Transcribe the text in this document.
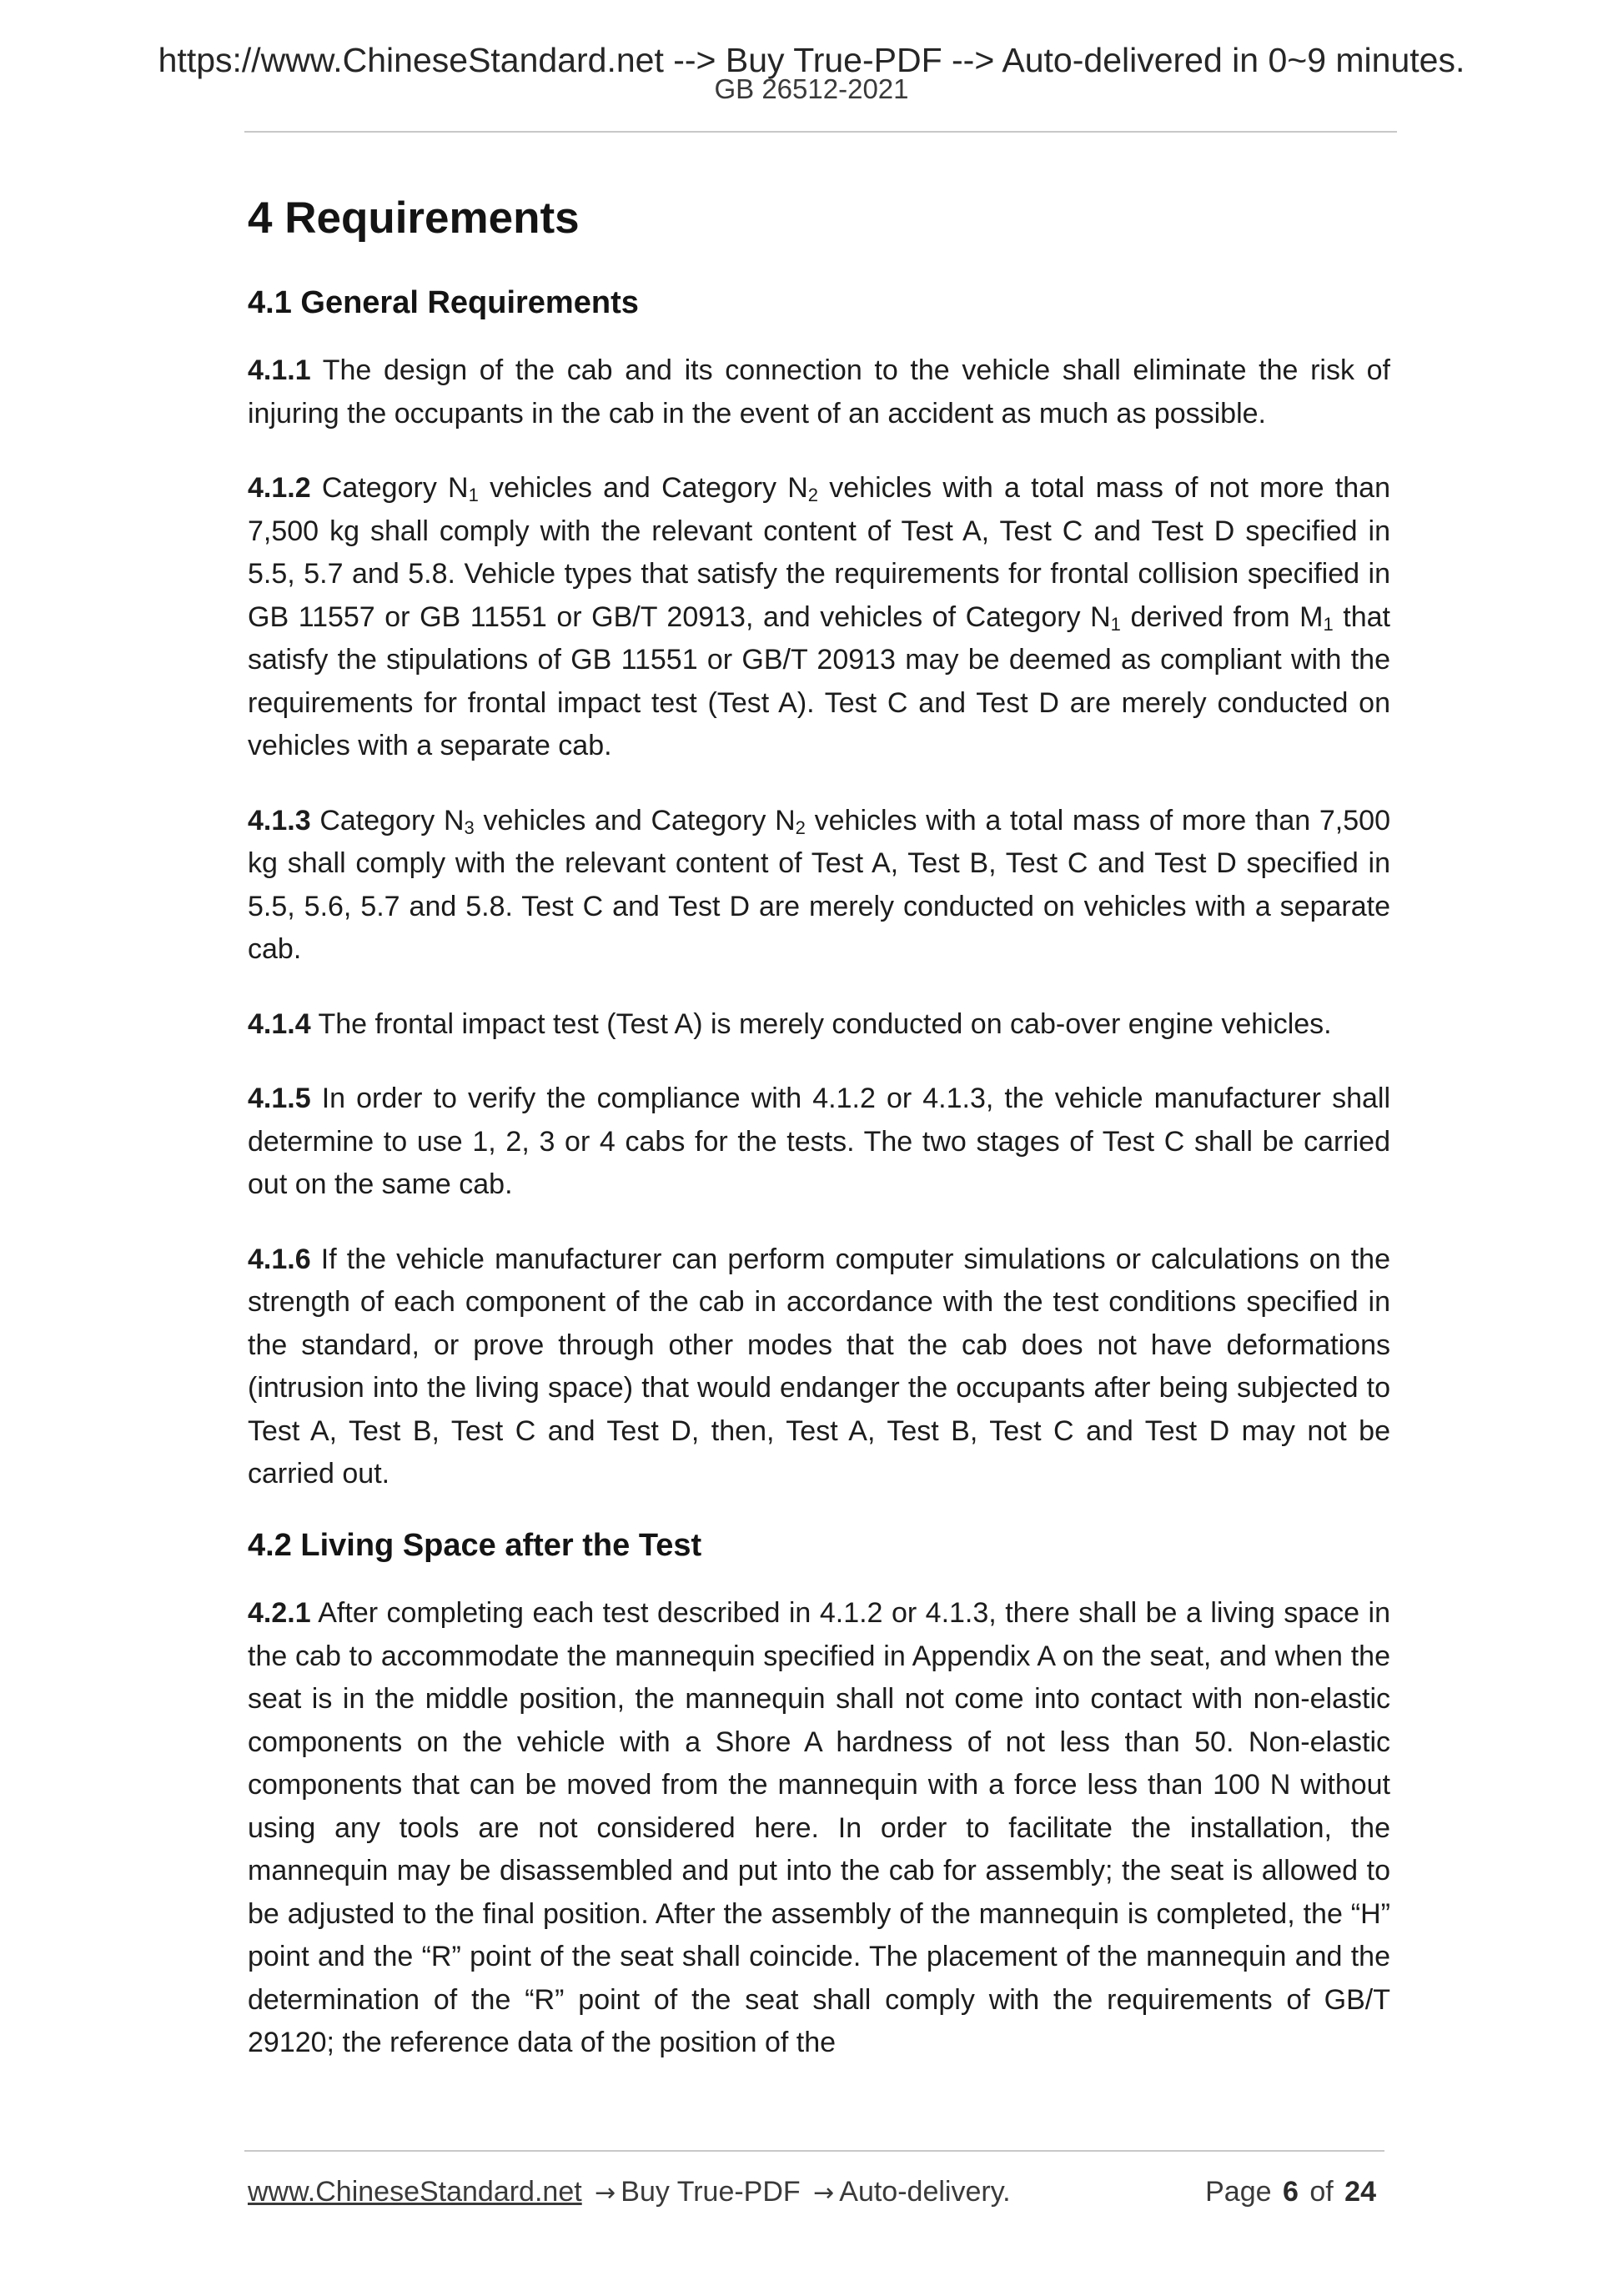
https://www.ChineseStandard.net --> Buy True-PDF --> Auto-delivered in 0~9 minutes.
GB 26512-2021
4 Requirements
4.1 General Requirements

4.1.1 The design of the cab and its connection to the vehicle shall eliminate the risk of injuring the occupants in the cab in the event of an accident as much as possible.

4.1.2 Category $N_1$ vehicles and Category $N_2$ vehicles with a total mass of not more than 7,500 kg shall comply with the relevant content of Test A, Test C and Test D specified in 5.5, 5.7 and 5.8. Vehicle types that satisfy the requirements for frontal collision specified in GB 11557 or GB 11551 or GB/T 20913, and vehicles of Category $N_1$ derived from $M_1$ that satisfy the stipulations of GB 11551 or GB/T 20913 may be deemed as compliant with the requirements for frontal impact test (Test A). Test C and Test D are merely conducted on vehicles with a separate cab.

4.1.3 Category $N_3$ vehicles and Category $N_2$ vehicles with a total mass of more than 7,500 kg shall comply with the relevant content of Test A, Test B, Test C and Test D specified in 5.5, 5.6, 5.7 and 5.8. Test C and Test D are merely conducted on vehicles with a separate cab.

4.1.4 The frontal impact test (Test A) is merely conducted on cab-over engine vehicles.

4.1.5 In order to verify the compliance with 4.1.2 or 4.1.3, the vehicle manufacturer shall determine to use 1, 2, 3 or 4 cabs for the tests. The two stages of Test C shall be carried out on the same cab.

4.1.6 If the vehicle manufacturer can perform computer simulations or calculations on the strength of each component of the cab in accordance with the test conditions specified in the standard, or prove through other modes that the cab does not have deformations (intrusion into the living space) that would endanger the occupants after being subjected to Test A, Test B, Test C and Test D, then, Test A, Test B, Test C and Test D may not be carried out.

4.2 Living Space after the Test

4.2.1 After completing each test described in 4.1.2 or 4.1.3, there shall be a living space in the cab to accommodate the mannequin specified in Appendix A on the seat, and when the seat is in the middle position, the mannequin shall not come into contact with non-elastic components on the vehicle with a Shore A hardness of not less than 50. Non-elastic components that can be moved from the mannequin with a force less than 100 N without using any tools are not considered here. In order to facilitate the installation, the mannequin may be disassembled and put into the cab for assembly; the seat is allowed to be adjusted to the final position. After the assembly of the mannequin is completed, the “H” point and the “R” point of the seat shall coincide. The placement of the mannequin and the determination of the “R” point of the seat shall comply with the requirements of GB/T 29120; the reference data of the position of the

www.ChineseStandard.net → Buy True-PDF → Auto-delivery.	Page 6 of 24
